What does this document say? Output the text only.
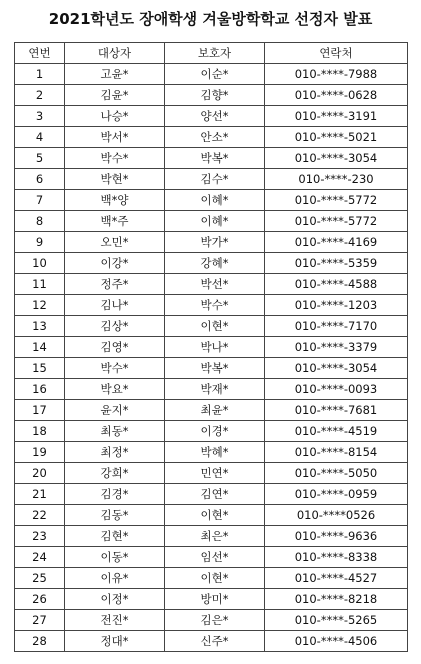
2021학년도 장애학생 겨울방학학교 선정자 발표
연번	대상자	보호자	연락처
1	고윤*	이순*	010-****-7988
2	김윤*	김향*	010-****-0628
3	나승*	양선*	010-****-3191
4	박서*	안소*	010-****-5021
5	박수*	박복*	010-****-3054
6	박현*	김수*	010-****-230
7	백*양	이혜*	010-****-5772
8	백*주	이혜*	010-****-5772
9	오민*	박가*	010-****-4169
10	이강*	강혜*	010-****-5359
11	정주*	박선*	010-****-4588
12	김나*	박수*	010-****-1203
13	김상*	이현*	010-****-7170
14	김영*	박나*	010-****-3379
15	박수*	박복*	010-****-3054
16	박요*	박재*	010-****-0093
17	윤지*	최윤*	010-****-7681
18	최동*	이경*	010-****-4519
19	최정*	박혜*	010-****-8154
20	강희*	민연*	010-****-5050
21	김경*	김연*	010-****-0959
22	김동*	이현*	010-****0526
23	김현*	최은*	010-****-9636
24	이동*	임선*	010-****-8338
25	이유*	이현*	010-****-4527
26	이정*	방미*	010-****-8218
27	전진*	김은*	010-****-5265
28	정대*	신주*	010-****-4506
